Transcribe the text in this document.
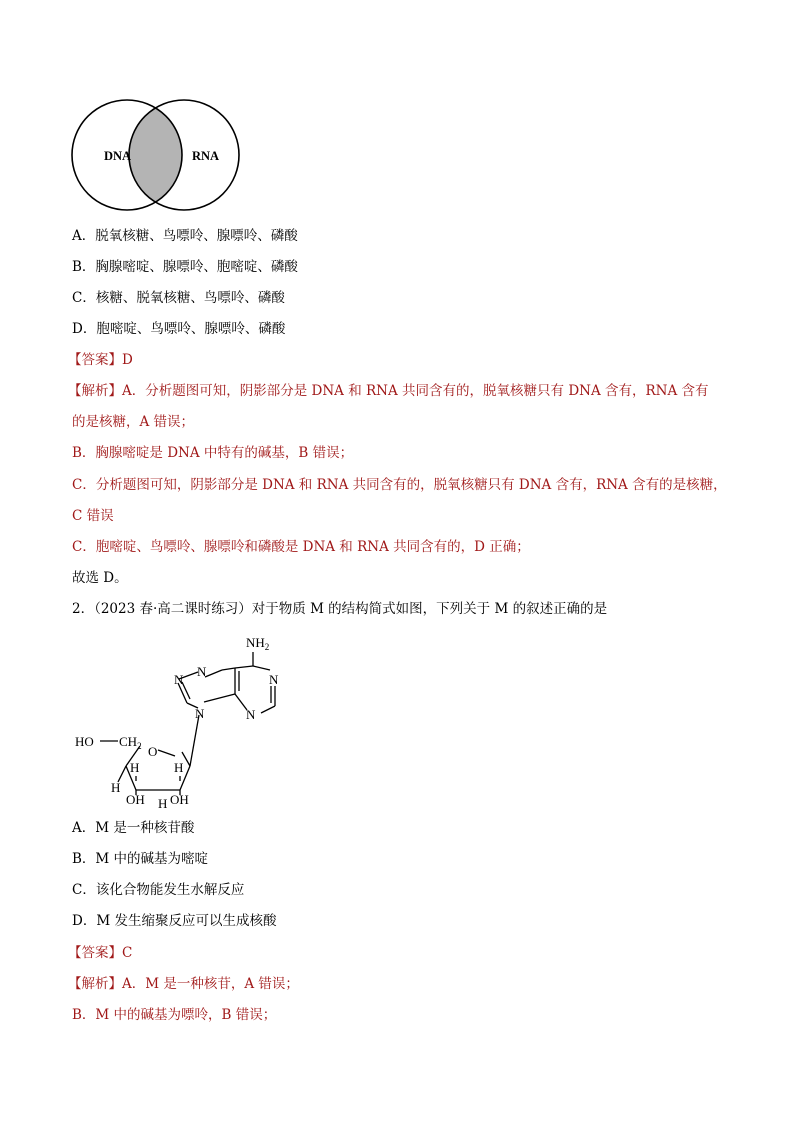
DNA	RNA
A．脱氧核糖、鸟嘌呤、腺嘌呤、磷酸
B．胸腺嘧啶、腺嘌呤、胞嘧啶、磷酸
C．核糖、脱氧核糖、鸟嘌呤、磷酸
D．胞嘧啶、鸟嘌呤、腺嘌呤、磷酸
【答案】D
【解析】A．分析题图可知，阴影部分是 DNA 和 RNA 共同含有的，脱氧核糖只有 DNA 含有，RNA 含有
的是核糖，A 错误；
B．胸腺嘧啶是 DNA 中特有的碱基，B 错误；
C．分析题图可知，阴影部分是 DNA 和 RNA 共同含有的，脱氧核糖只有 DNA 含有，RNA 含有的是核糖，
C 错误
C．胞嘧啶、鸟嘌呤、腺嘌呤和磷酸是 DNA 和 RNA 共同含有的，D 正确；
故选 D。
2．（2023 春·高二课时练习）对于物质 M 的结构简式如图，下列关于 M 的叙述正确的是
$NH_2$
N
N
N
N	N
HO $CH_2$ O
H
H
H
H
OH OH
A．M 是一种核苷酸
B．M 中的碱基为嘧啶
C．该化合物能发生水解反应
D．M 发生缩聚反应可以生成核酸
【答案】C
【解析】A．M 是一种核苷，A 错误；
B．M 中的碱基为嘌呤，B 错误；
